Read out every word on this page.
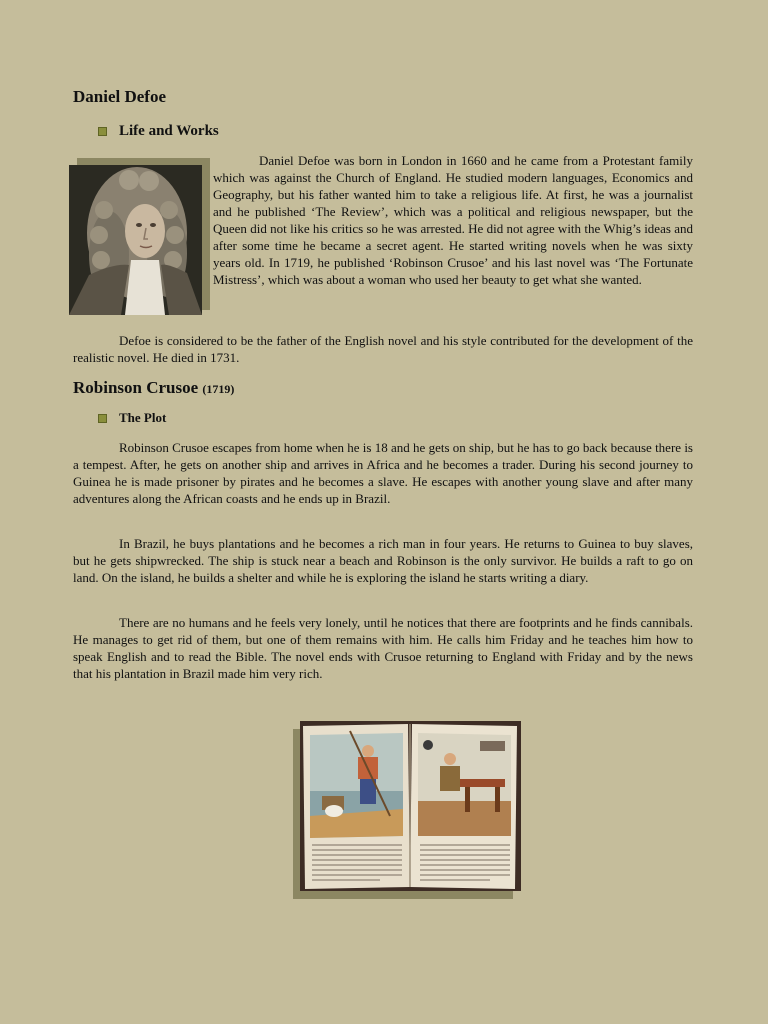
Daniel Defoe
Life and Works

Daniel Defoe was born in London in 1660 and he came from a Protestant family which was against the Church of England. He studied modern languages, Economics and Geography, but his father wanted him to take a religious life. At first, he was a journalist and he published ‘The Review’, which was a political and religious newspaper, but the Queen did not like his critics so he was arrested. He did not agree with the Whig’s ideas and after some time he became a secret agent. He started writing novels when he was sixty years old. In 1719, he published ‘Robinson Crusoe’ and his last novel was ‘The Fortunate Mistress’, which was about a woman who used her beauty to get what she wanted.

Defoe is considered to be the father of the English novel and his style contributed for the development of the realistic novel. He died in 1731.

Robinson Crusoe (1719)
The Plot

Robinson Crusoe escapes from home when he is 18 and he gets on ship, but he has to go back because there is a tempest. After, he gets on another ship and arrives in Africa and he becomes a trader. During his second journey to Guinea he is made prisoner by pirates and he becomes a slave. He escapes with another young slave and after many adventures along the African coasts and he ends up in Brazil.

In Brazil, he buys plantations and he becomes a rich man in four years. He returns to Guinea to buy slaves, but he gets shipwrecked. The ship is stuck near a beach and Robinson is the only survivor. He builds a raft to go on land. On the island, he builds a shelter and while he is exploring the island he starts writing a diary.

There are no humans and he feels very lonely, until he notices that there are footprints and he finds cannibals. He manages to get rid of them, but one of them remains with him. He calls him Friday and he teaches him how to speak English and to read the Bible. The novel ends with Crusoe returning to England with Friday and by the news that his plantation in Brazil made him very rich.
